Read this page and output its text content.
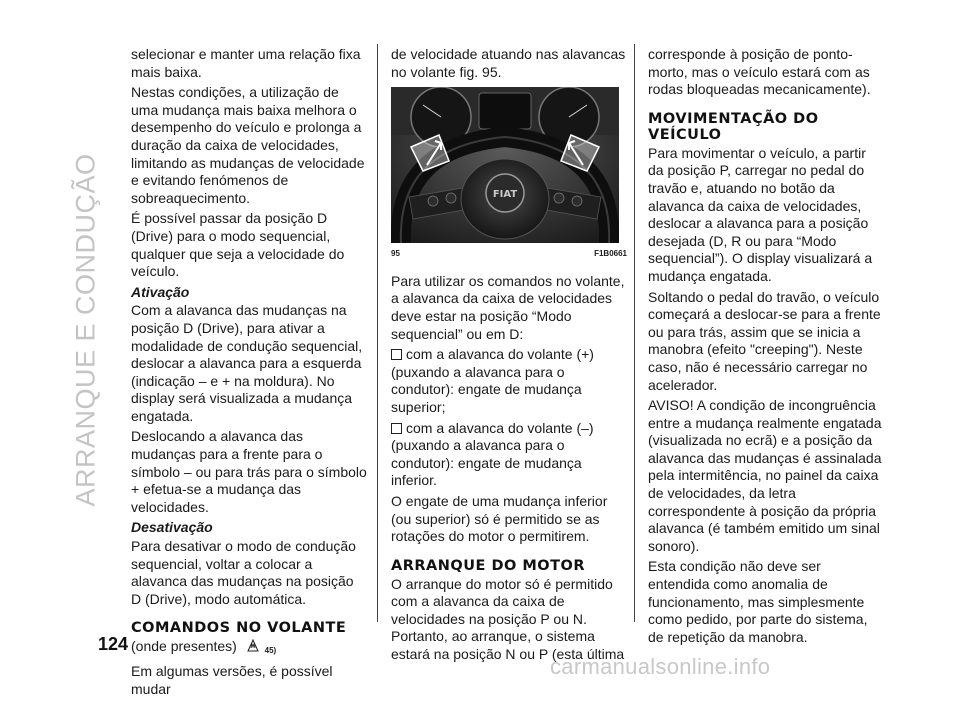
ARRANQUE E CONDUÇÃO

selecionar e manter uma relação fixa mais baixa.

Nestas condições, a utilização de uma mudança mais baixa melhora o desempenho do veículo e prolonga a duração da caixa de velocidades, limitando as mudanças de velocidade e evitando fenómenos de sobreaquecimento.

É possível passar da posição D (Drive) para o modo sequencial, qualquer que seja a velocidade do veículo.

Ativação

Com a alavanca das mudanças na posição D (Drive), para ativar a modalidade de condução sequencial, deslocar a alavanca para a esquerda (indicação – e + na moldura). No display será visualizada a mudança engatada.

Deslocando a alavanca das mudanças para a frente para o símbolo – ou para trás para o símbolo + efetua-se a mudança das velocidades.

Desativação

Para desativar o modo de condução sequencial, voltar a colocar a alavanca das mudanças na posição D (Drive), modo automática.

COMANDOS NO VOLANTE

(onde presentes)	45)

Em algumas versões, é possível mudar

de velocidade atuando nas alavancas no volante fig. 95.

FIAT
95	F1B0661

Para utilizar os comandos no volante, a alavanca da caixa de velocidades deve estar na posição “Modo sequencial” ou em D:

com a alavanca do volante (+) (puxando a alavanca para o condutor): engate de mudança superior;

com a alavanca do volante (–) (puxando a alavanca para o condutor): engate de mudança inferior.

O engate de uma mudança inferior (ou superior) só é permitido se as rotações do motor o permitirem.

ARRANQUE DO MOTOR

O arranque do motor só é permitido com a alavanca da caixa de velocidades na posição P ou N. Portanto, ao arranque, o sistema estará na posição N ou P (esta última

corresponde à posição de ponto-morto, mas o veículo estará com as rodas bloqueadas mecanicamente).

MOVIMENTAÇÃO DO VEÍCULO

Para movimentar o veículo, a partir da posição P, carregar no pedal do travão e, atuando no botão da alavanca da caixa de velocidades, deslocar a alavanca para a posição desejada (D, R ou para “Modo sequencial”). O display visualizará a mudança engatada.

Soltando o pedal do travão, o veículo começará a deslocar-se para a frente ou para trás, assim que se inicia a manobra (efeito "creeping"). Neste caso, não é necessário carregar no acelerador.

AVISO! A condição de incongruência entre a mudança realmente engatada (visualizada no ecrã) e a posição da alavanca das mudanças é assinalada pela intermitência, no painel da caixa de velocidades, da letra correspondente à posição da própria alavanca (é também emitido um sinal sonoro).

Esta condição não deve ser entendida como anomalia de funcionamento, mas simplesmente como pedido, por parte do sistema, de repetição da manobra.

124
carmanualsonline.info
